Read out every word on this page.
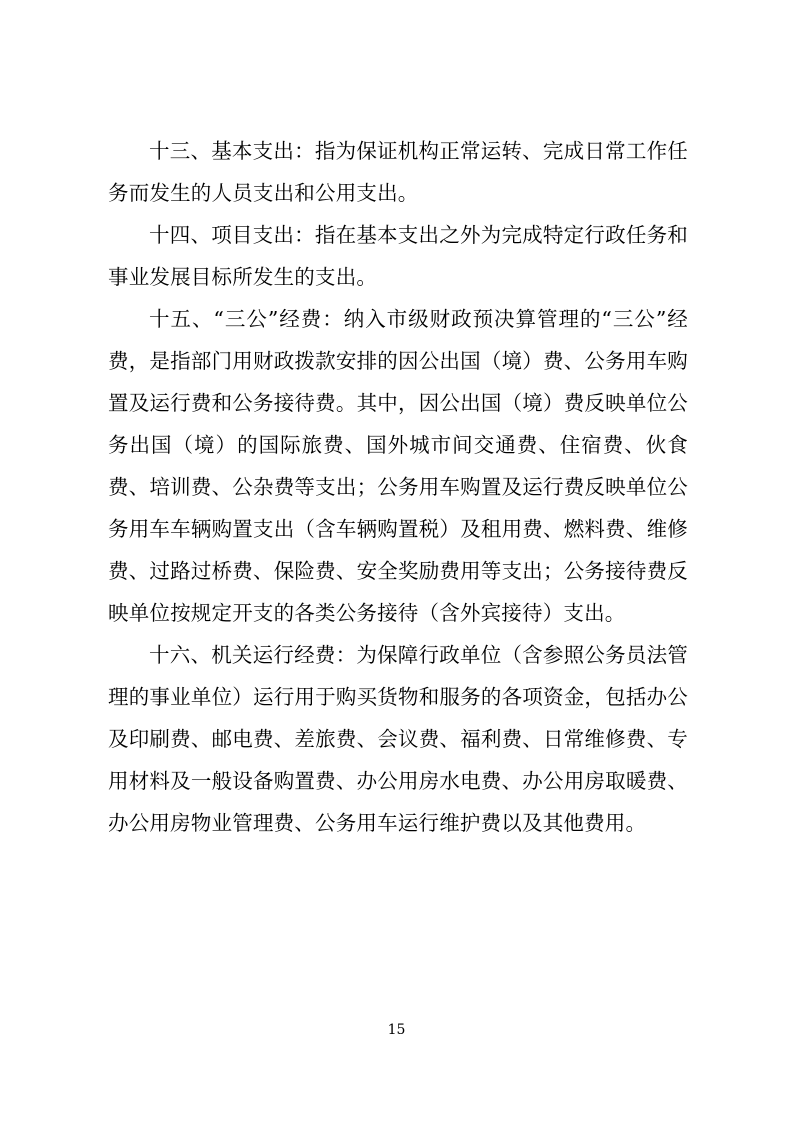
十三、基本支出：指为保证机构正常运转、完成日常工作任务而发生的人员支出和公用支出。

十四、项目支出：指在基本支出之外为完成特定行政任务和事业发展目标所发生的支出。

十五、“三公”经费：纳入市级财政预决算管理的“三公”经费，是指部门用财政拨款安排的因公出国（境）费、公务用车购置及运行费和公务接待费。其中，因公出国（境）费反映单位公务出国（境）的国际旅费、国外城市间交通费、住宿费、伙食费、培训费、公杂费等支出；公务用车购置及运行费反映单位公务用车车辆购置支出（含车辆购置税）及租用费、燃料费、维修费、过路过桥费、保险费、安全奖励费用等支出；公务接待费反映单位按规定开支的各类公务接待（含外宾接待）支出。

十六、机关运行经费：为保障行政单位（含参照公务员法管理的事业单位）运行用于购买货物和服务的各项资金，包括办公及印刷费、邮电费、差旅费、会议费、福利费、日常维修费、专用材料及一般设备购置费、办公用房水电费、办公用房取暖费、办公用房物业管理费、公务用车运行维护费以及其他费用。

15
